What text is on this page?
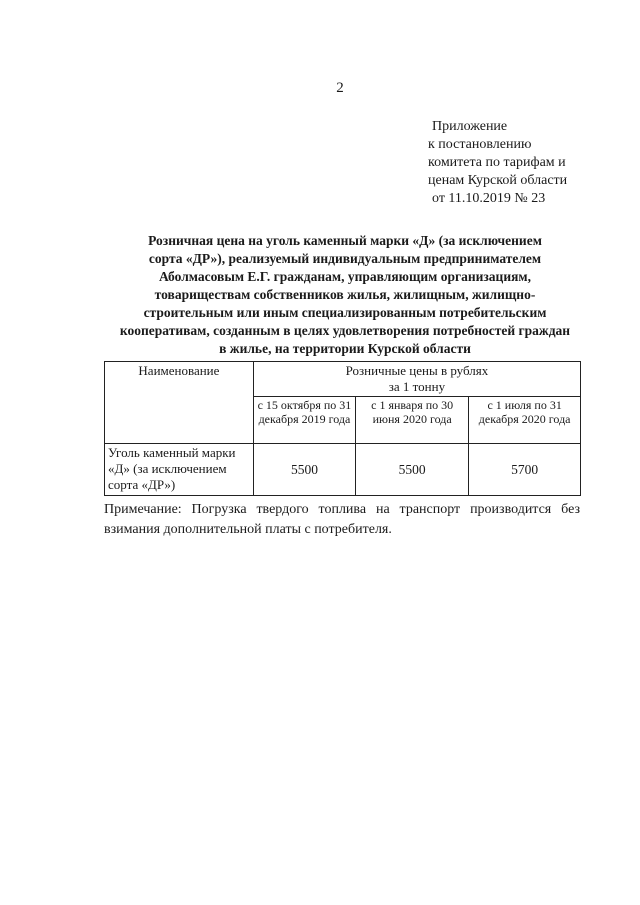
2
Приложение
к постановлению
комитета по тарифам и
ценам Курской области
от 11.10.2019 № 23
Розничная цена на уголь каменный марки «Д» (за исключением
сорта «ДР»), реализуемый индивидуальным предпринимателем
Аболмасовым Е.Г. гражданам, управляющим организациям,
товариществам собственников жилья, жилищным, жилищно-
строительным или иным специализированным потребительским
кооперативам, созданным в целях удовлетворения потребностей граждан
в жилье, на территории Курской области
Наименование	Розничные цены в рублях
за 1 тонну		

	с 15 октября по 31 декабря 2019 года	с 1 января по 30 июня 2020 года	с 1 июля по 31 декабря 2020 года
Уголь каменный марки «Д» (за исключением сорта «ДР»)	5500	5500	5700
Примечание: Погрузка твердого топлива на транспорт производится без взимания дополнительной платы с потребителя.
